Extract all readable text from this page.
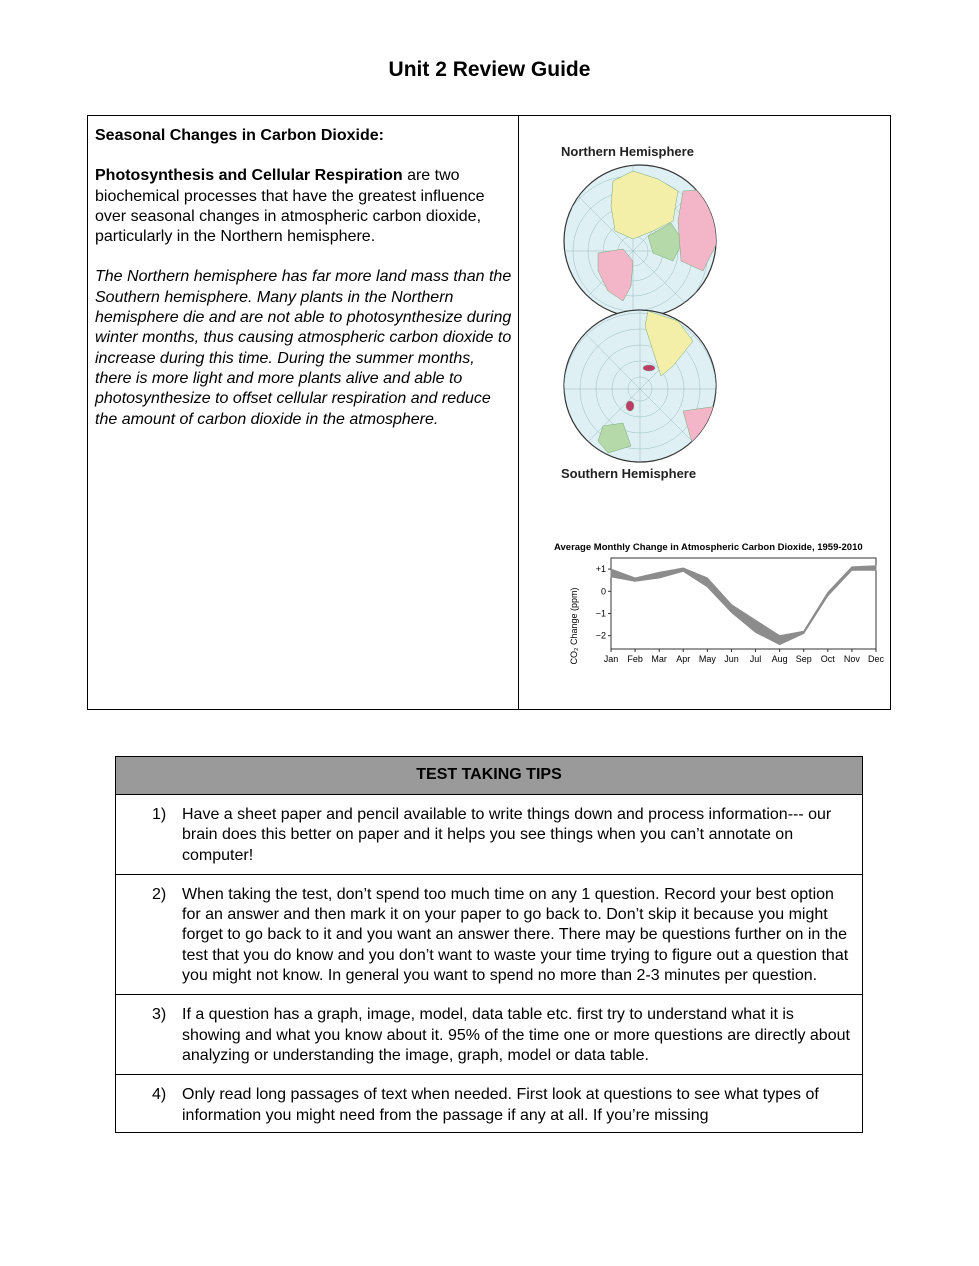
Unit 2 Review Guide

Seasonal Changes in Carbon Dioxide:

Photosynthesis and Cellular Respiration are two biochemical processes that have the greatest influence over seasonal changes in atmospheric carbon dioxide, particularly in the Northern hemisphere.

The Northern hemisphere has far more land mass than the Southern hemisphere. Many plants in the Northern hemisphere die and are not able to photosynthesize during winter months, thus causing atmospheric carbon dioxide to increase during this time. During the summer months, there is more light and more plants alive and able to photosynthesize to offset cellular respiration and reduce the amount of carbon dioxide in the atmosphere.

Northern Hemisphere
Southern Hemisphere
Average Monthly Change in Atmospheric Carbon Dioxide, 1959-2010
CO₂ Change (ppm)
+1
0
−1
−2
Jan Feb Mar Apr May Jun Jul Aug Sep Oct Nov Dec
TEST TAKING TIPS

1) Have a sheet paper and pencil available to write things down and process information--- our brain does this better on paper and it helps you see things when you can’t annotate on computer!

2) When taking the test, don’t spend too much time on any 1 question. Record your best option for an answer and then mark it on your paper to go back to. Don’t skip it because you might forget to go back to it and you want an answer there. There may be questions further on in the test that you do know and you don’t want to waste your time trying to figure out a question that you might not know. In general you want to spend no more than 2-3 minutes per question.

3) If a question has a graph, image, model, data table etc. first try to understand what it is showing and what you know about it. 95% of the time one or more questions are directly about analyzing or understanding the image, graph, model or data table.

4) Only read long passages of text when needed. First look at questions to see what types of information you might need from the passage if any at all. If you’re missing
